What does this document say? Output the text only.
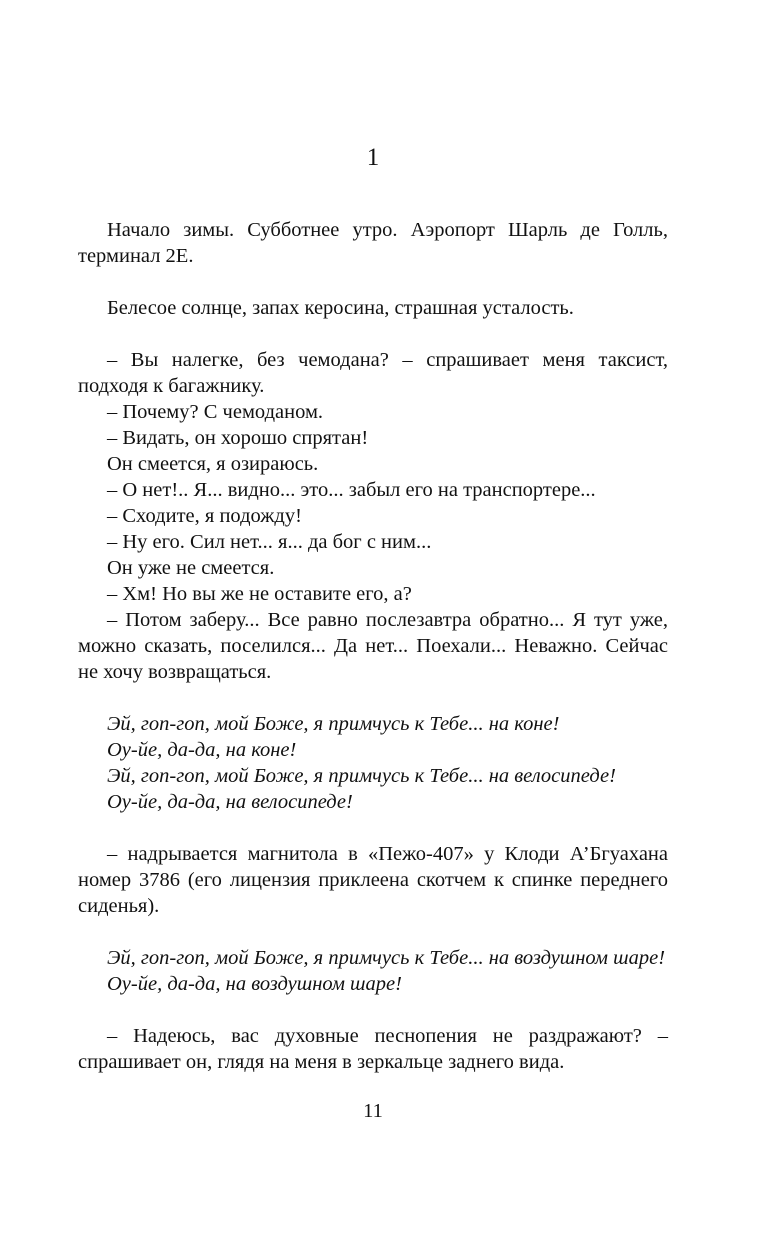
1

Начало зимы. Субботнее утро. Аэропорт Шарль де Голль, терминал 2E.

Белесое солнце, запах керосина, страшная усталость.

– Вы налегке, без чемодана? – спрашивает меня таксист, подходя к багажнику.

– Почему? С чемоданом.

– Видать, он хорошо спрятан!

Он смеется, я озираюсь.

– О нет!.. Я... видно... это... забыл его на транспортере...

– Сходите, я подожду!

– Ну его. Сил нет... я... да бог с ним...

Он уже не смеется.

– Хм! Но вы же не оставите его, а?

– Потом заберу... Все равно послезавтра обратно... Я тут уже, можно сказать, поселился... Да нет... Поехали... Неважно. Сейчас не хочу возвращаться.

Эй, гоп-гоп, мой Боже, я примчусь к Тебе... на коне!

Оу-йе, да-да, на коне!

Эй, гоп-гоп, мой Боже, я примчусь к Тебе... на велосипеде!

Оу-йе, да-да, на велосипеде!

– надрывается магнитола в «Пежо-407» у Клоди А’Бгуахана номер 3786 (его лицензия приклеена скотчем к спинке переднего сиденья).

Эй, гоп-гоп, мой Боже, я примчусь к Тебе... на воздушном шаре!

Оу-йе, да-да, на воздушном шаре!

– Надеюсь, вас духовные песнопения не раздражают? – спрашивает он, глядя на меня в зеркальце заднего вида.

11
